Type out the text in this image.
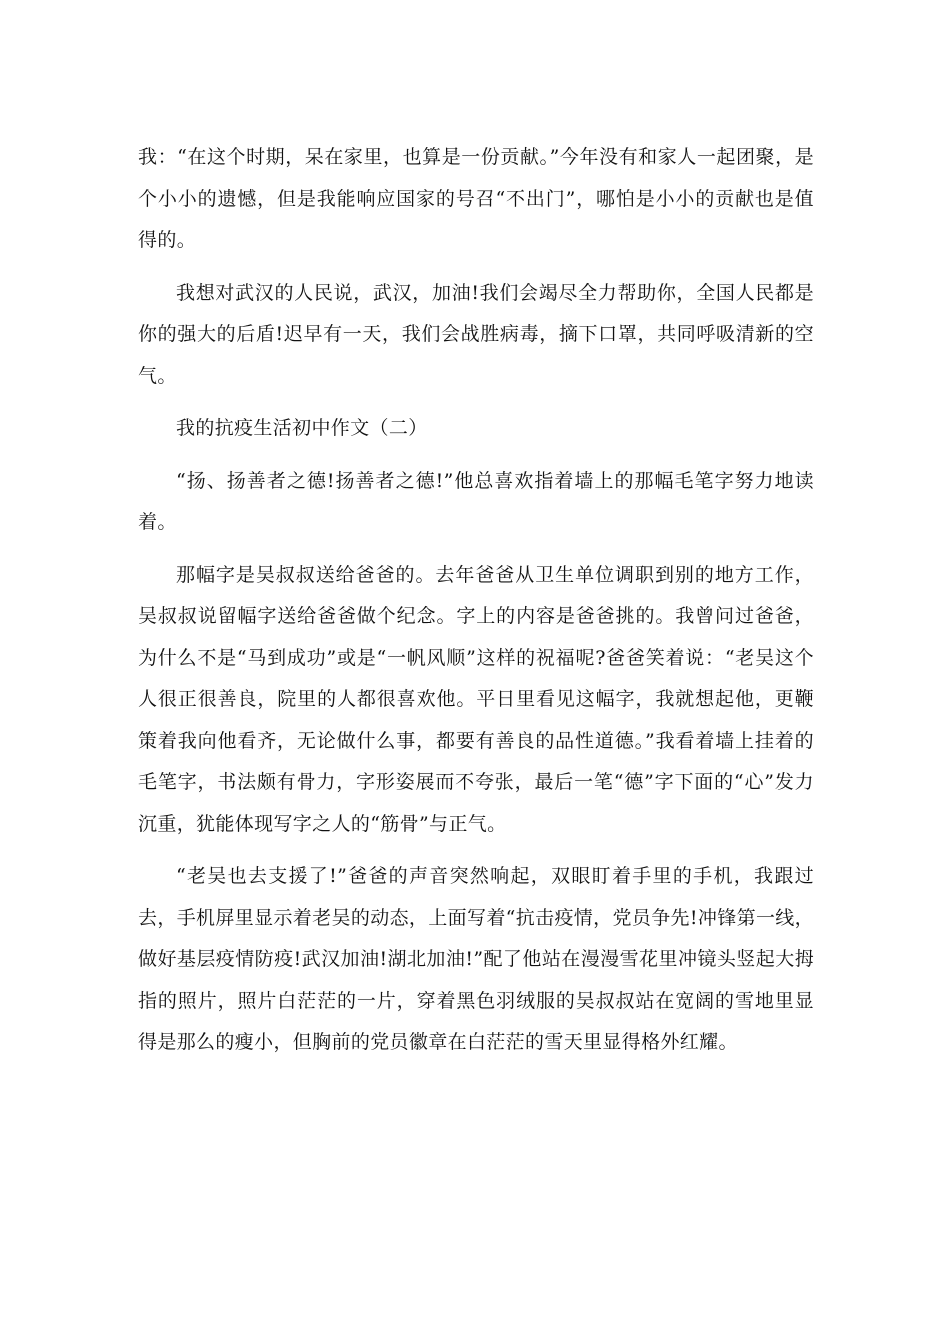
我：“在这个时期，呆在家里，也算是一份贡献。”今年没有和家人一起团聚，是个小小的遗憾，但是我能响应国家的号召“不出门”，哪怕是小小的贡献也是值得的。

我想对武汉的人民说，武汉，加油!我们会竭尽全力帮助你，全国人民都是你的强大的后盾!迟早有一天，我们会战胜病毒，摘下口罩，共同呼吸清新的空气。

我的抗疫生活初中作文（二）

“扬、扬善者之德!扬善者之德!”他总喜欢指着墙上的那幅毛笔字努力地读着。

那幅字是吴叔叔送给爸爸的。去年爸爸从卫生单位调职到别的地方工作，吴叔叔说留幅字送给爸爸做个纪念。字上的内容是爸爸挑的。我曾问过爸爸，为什么不是“马到成功”或是“一帆风顺”这样的祝福呢?爸爸笑着说：“老吴这个人很正很善良，院里的人都很喜欢他。平日里看见这幅字，我就想起他，更鞭策着我向他看齐，无论做什么事，都要有善良的品性道德。”我看着墙上挂着的毛笔字，书法颇有骨力，字形姿展而不夸张，最后一笔“德”字下面的“心”发力沉重，犹能体现写字之人的“筋骨”与正气。

“老吴也去支援了!”爸爸的声音突然响起，双眼盯着手里的手机，我跟过去，手机屏里显示着老吴的动态，上面写着“抗击疫情，党员争先!冲锋第一线，做好基层疫情防疫!武汉加油!湖北加油!”配了他站在漫漫雪花里冲镜头竖起大拇指的照片，照片白茫茫的一片，穿着黑色羽绒服的吴叔叔站在宽阔的雪地里显得是那么的瘦小，但胸前的党员徽章在白茫茫的雪天里显得格外红耀。
